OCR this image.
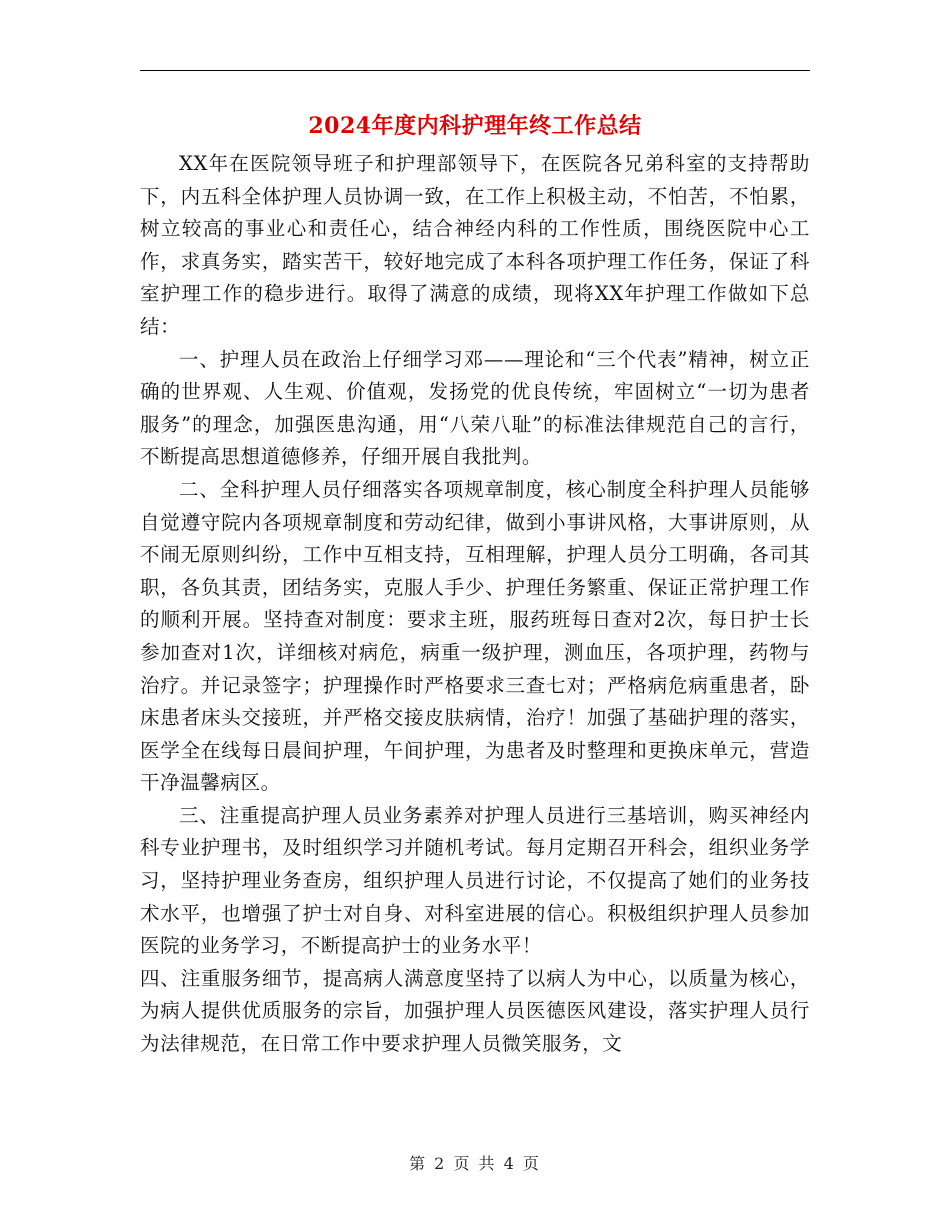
2024年度内科护理年终工作总结

XX年在医院领导班子和护理部领导下，在医院各兄弟科室的支持帮助下，内五科全体护理人员协调一致，在工作上积极主动，不怕苦，不怕累，树立较高的事业心和责任心，结合神经内科的工作性质，围绕医院中心工作，求真务实，踏实苦干，较好地完成了本科各项护理工作任务，保证了科室护理工作的稳步进行。取得了满意的成绩，现将XX年护理工作做如下总结：

一、护理人员在政治上仔细学习邓——理论和“三个代表”精神，树立正确的世界观、人生观、价值观，发扬党的优良传统，牢固树立“一切为患者服务”的理念，加强医患沟通，用“八荣八耻”的标准法律规范自己的言行，不断提高思想道德修养，仔细开展自我批判。

二、全科护理人员仔细落实各项规章制度，核心制度全科护理人员能够自觉遵守院内各项规章制度和劳动纪律，做到小事讲风格，大事讲原则，从不闹无原则纠纷，工作中互相支持，互相理解，护理人员分工明确，各司其职，各负其责，团结务实，克服人手少、护理任务繁重、保证正常护理工作的顺利开展。坚持查对制度：要求主班，服药班每日查对2次，每日护士长参加查对1次，详细核对病危，病重一级护理，测血压，各项护理，药物与治疗。并记录签字；护理操作时严格要求三查七对；严格病危病重患者，卧床患者床头交接班，并严格交接皮肤病情，治疗！加强了基础护理的落实，医学全在线每日晨间护理，午间护理，为患者及时整理和更换床单元，营造干净温馨病区。

三、注重提高护理人员业务素养对护理人员进行三基培训，购买神经内科专业护理书，及时组织学习并随机考试。每月定期召开科会，组织业务学习，坚持护理业务查房，组织护理人员进行讨论，不仅提高了她们的业务技术水平，也增强了护士对自身、对科室进展的信心。积极组织护理人员参加医院的业务学习，不断提高护士的业务水平！

四、注重服务细节，提高病人满意度坚持了以病人为中心，以质量为核心，为病人提供优质服务的宗旨，加强护理人员医德医风建设，落实护理人员行为法律规范，在日常工作中要求护理人员微笑服务，文

第 2 页 共 4 页
